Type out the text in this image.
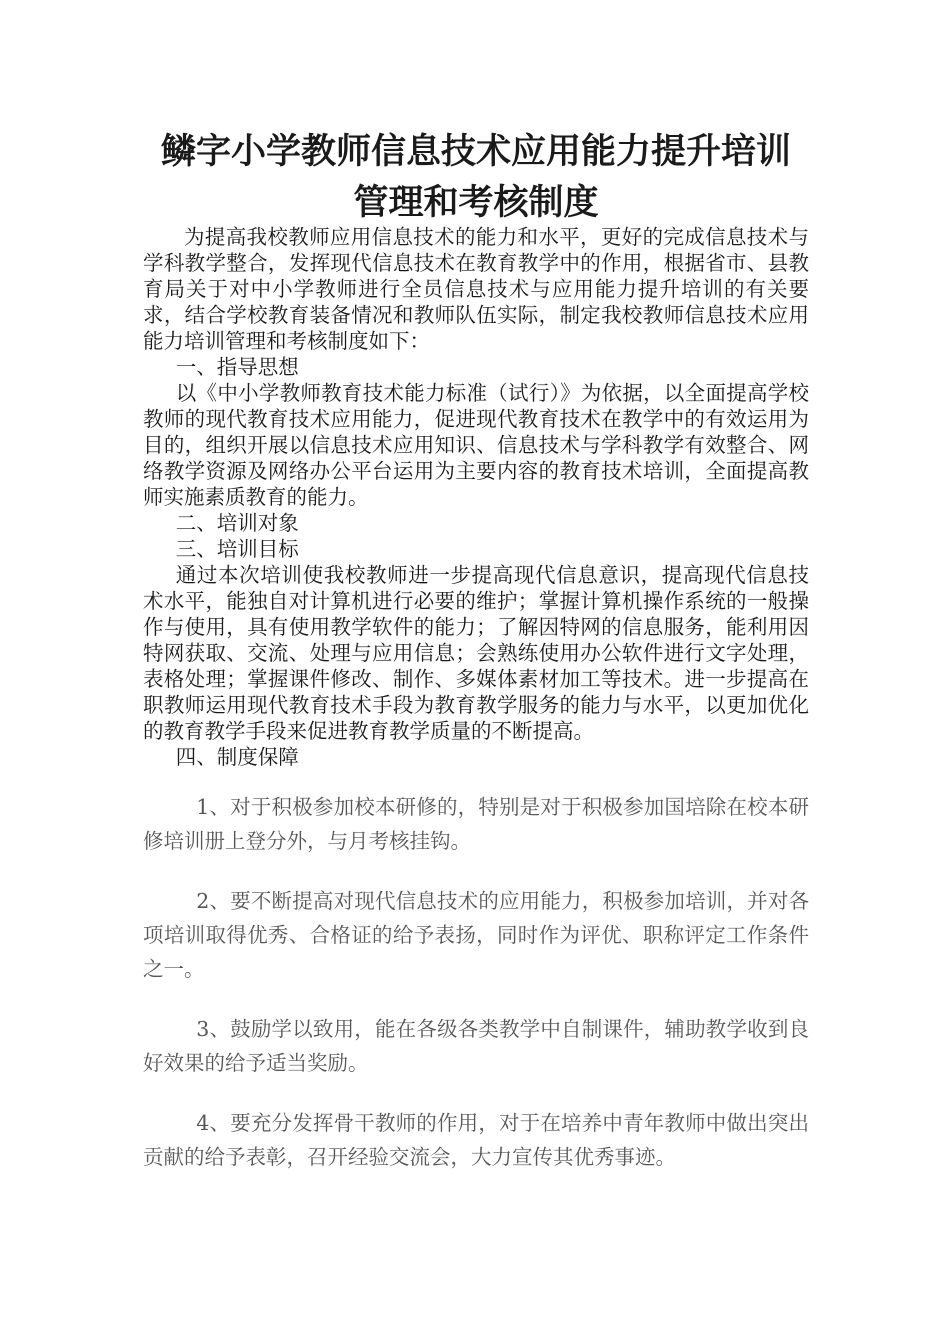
鳞字小学教师信息技术应用能力提升培训
管理和考核制度

为提高我校教师应用信息技术的能力和水平，更好的完成信息技术与学科教学整合，发挥现代信息技术在教育教学中的作用，根据省市、县教育局关于对中小学教师进行全员信息技术与应用能力提升培训的有关要求，结合学校教育装备情况和教师队伍实际，制定我校教师信息技术应用能力培训管理和考核制度如下：

一、指导思想

以《中小学教师教育技术能力标准（试行）》为依据，以全面提高学校教师的现代教育技术应用能力，促进现代教育技术在教学中的有效运用为目的，组织开展以信息技术应用知识、信息技术与学科教学有效整合、网络教学资源及网络办公平台运用为主要内容的教育技术培训，全面提高教师实施素质教育的能力。

二、培训对象

三、培训目标

通过本次培训使我校教师进一步提高现代信息意识，提高现代信息技术水平，能独自对计算机进行必要的维护；掌握计算机操作系统的一般操作与使用，具有使用教学软件的能力；了解因特网的信息服务，能利用因特网获取、交流、处理与应用信息；会熟练使用办公软件进行文字处理，表格处理；掌握课件修改、制作、多媒体素材加工等技术。进一步提高在职教师运用现代教育技术手段为教育教学服务的能力与水平，以更加优化的教育教学手段来促进教育教学质量的不断提高。

四、制度保障

1、对于积极参加校本研修的，特别是对于积极参加国培除在校本研修培训册上登分外，与月考核挂钩。

2、要不断提高对现代信息技术的应用能力，积极参加培训，并对各项培训取得优秀、合格证的给予表扬，同时作为评优、职称评定工作条件之一。

3、鼓励学以致用，能在各级各类教学中自制课件，辅助教学收到良好效果的给予适当奖励。

4、要充分发挥骨干教师的作用，对于在培养中青年教师中做出突出贡献的给予表彰，召开经验交流会，大力宣传其优秀事迹。
